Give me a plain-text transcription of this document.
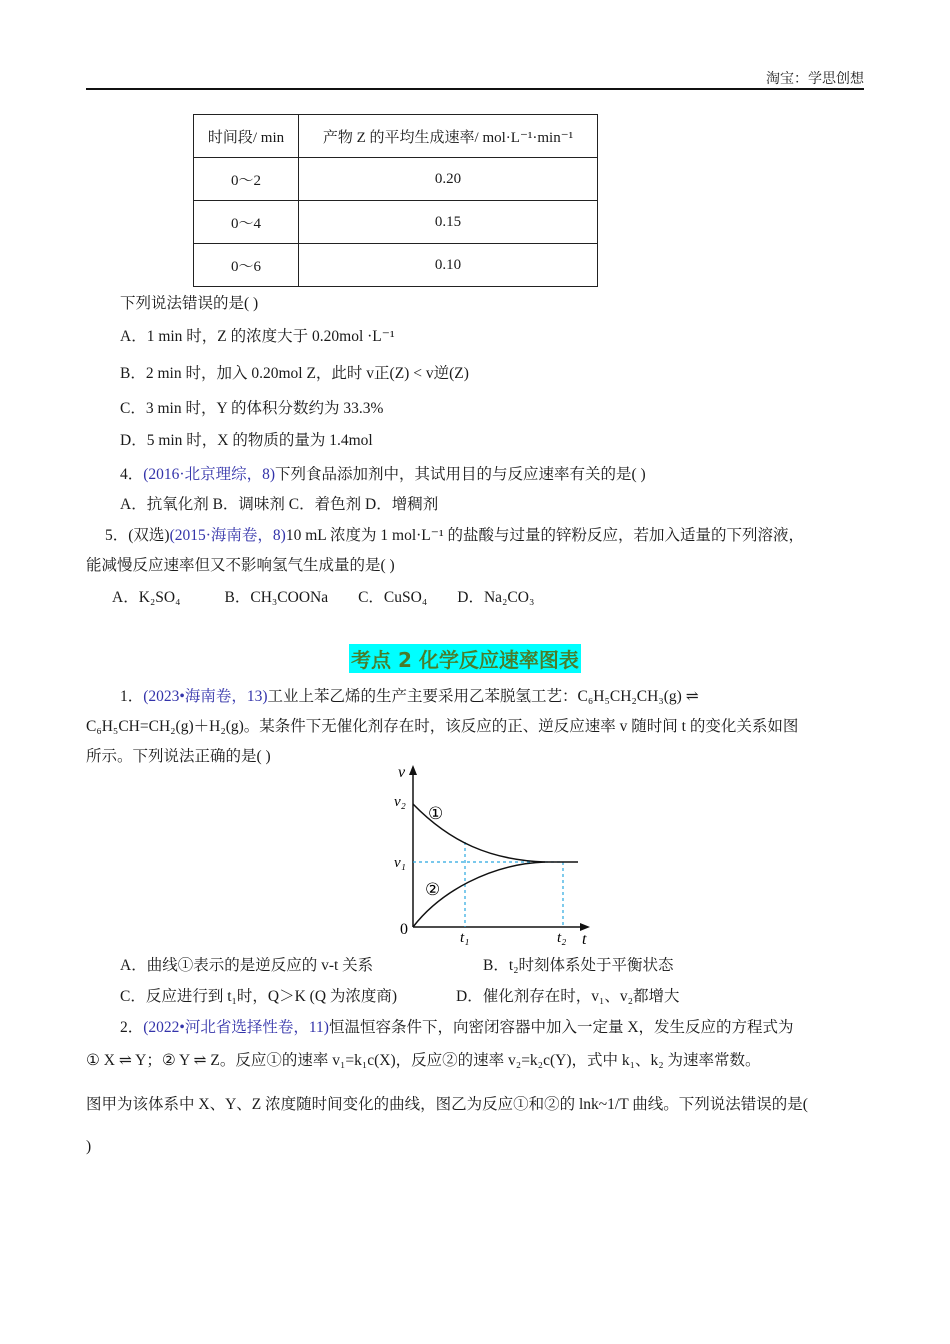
淘宝：学思创想
时间段/ min	产物 Z 的平均生成速率/ mol·L⁻¹·min⁻¹
0～2	0.20
0～4	0.15
0～6	0.10
下列说法错误的是( )
A．1 min 时，Z 的浓度大于 0.20mol ·L⁻¹
B．2 min 时，加入 0.20mol Z，此时 v正(Z) < v逆(Z)
C．3 min 时，Y 的体积分数约为 33.3%
D．5 min 时，X 的物质的量为 1.4mol
4．(2016·北京理综，8)下列食品添加剂中，其试用目的与反应速率有关的是( )
A．抗氧化剂 B．调味剂 C．着色剂 D．增稠剂
5．(双选)(2015·海南卷，8)10 mL 浓度为 1 mol·L⁻¹ 的盐酸与过量的锌粉反应，若加入适量的下列溶液，
能减慢反应速率但又不影响氢气生成量的是( )
A．K₂SO₄	B．CH₃COONa C．CuSO₄ D．Na₂CO₃
考点 2 化学反应速率图表
1．(2023•海南卷，13)工业上苯乙烯的生产主要采用乙苯脱氢工艺：C₆H₅CH₂CH₃(g) ⇌
C₆H₅CH=CH₂(g)＋H₂(g)。某条件下无催化剂存在时，该反应的正、逆反应速率 v 随时间 t 的变化关系如图
所示。下列说法正确的是( )
v
v₂
v₁
0	t₁	t₂ t
①
②
A．曲线①表示的是逆反应的 v-t 关系	B．t₂时刻体系处于平衡状态
C．反应进行到 t₁时，Q＞K (Q 为浓度商)	D．催化剂存在时，v₁、v₂都增大
2．(2022•河北省选择性卷，11)恒温恒容条件下，向密闭容器中加入一定量 X，发生反应的方程式为
① X ⇌ Y；② Y ⇌ Z。反应①的速率 v₁=k₁c(X)，反应②的速率 v₂=k₂c(Y)，式中 k₁、k₂ 为速率常数。
图甲为该体系中 X、Y、Z 浓度随时间变化的曲线，图乙为反应①和②的 lnk~1/T 曲线。下列说法错误的是(
)
